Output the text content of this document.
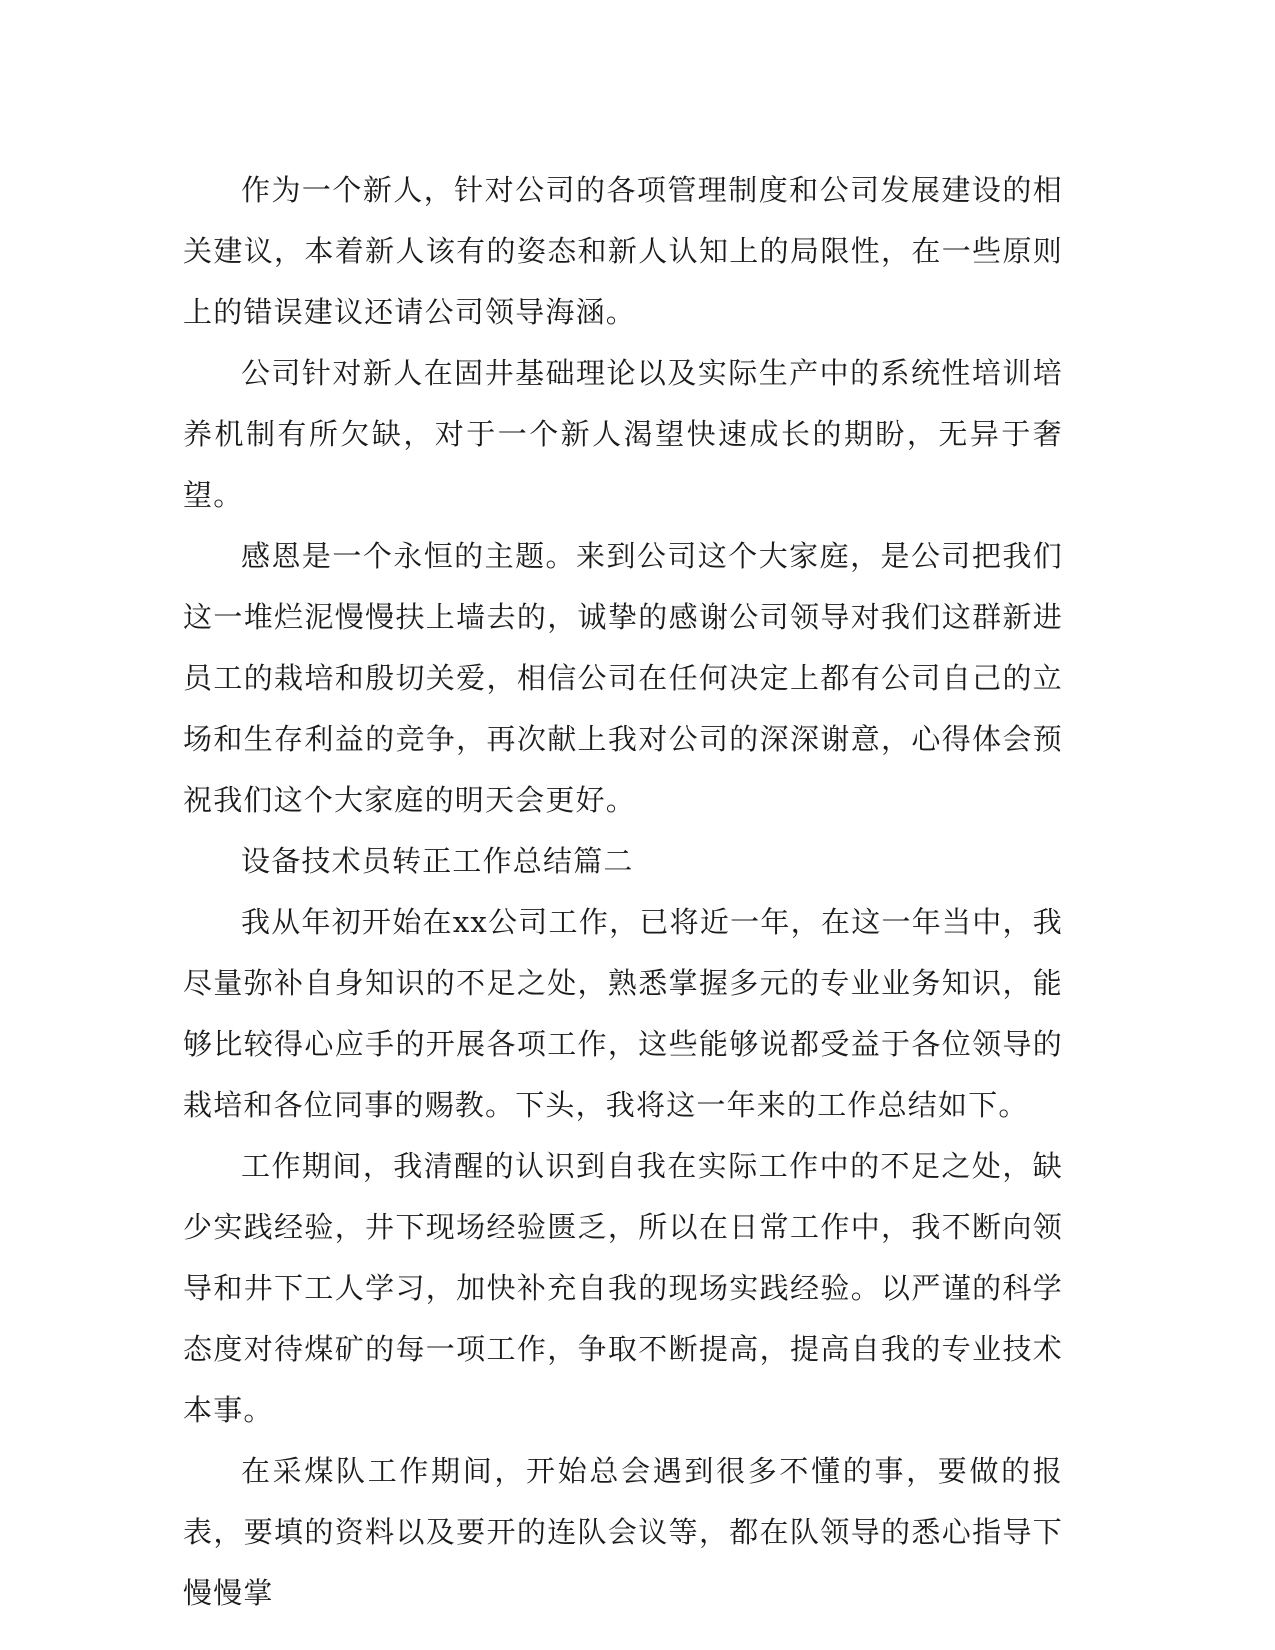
作为一个新人，针对公司的各项管理制度和公司发展建设的相关建议，本着新人该有的姿态和新人认知上的局限性，在一些原则上的错误建议还请公司领导海涵。

公司针对新人在固井基础理论以及实际生产中的系统性培训培养机制有所欠缺，对于一个新人渴望快速成长的期盼，无异于奢望。

感恩是一个永恒的主题。来到公司这个大家庭，是公司把我们这一堆烂泥慢慢扶上墙去的，诚挚的感谢公司领导对我们这群新进员工的栽培和殷切关爱，相信公司在任何决定上都有公司自己的立场和生存利益的竞争，再次献上我对公司的深深谢意，心得体会预祝我们这个大家庭的明天会更好。

设备技术员转正工作总结篇二

我从年初开始在xx公司工作，已将近一年，在这一年当中，我尽量弥补自身知识的不足之处，熟悉掌握多元的专业业务知识，能够比较得心应手的开展各项工作，这些能够说都受益于各位领导的栽培和各位同事的赐教。下头，我将这一年来的工作总结如下。

工作期间，我清醒的认识到自我在实际工作中的不足之处，缺少实践经验，井下现场经验匮乏，所以在日常工作中，我不断向领导和井下工人学习，加快补充自我的现场实践经验。以严谨的科学态度对待煤矿的每一项工作，争取不断提高，提高自我的专业技术本事。

在采煤队工作期间，开始总会遇到很多不懂的事，要做的报表，要填的资料以及要开的连队会议等，都在队领导的悉心指导下慢慢掌
